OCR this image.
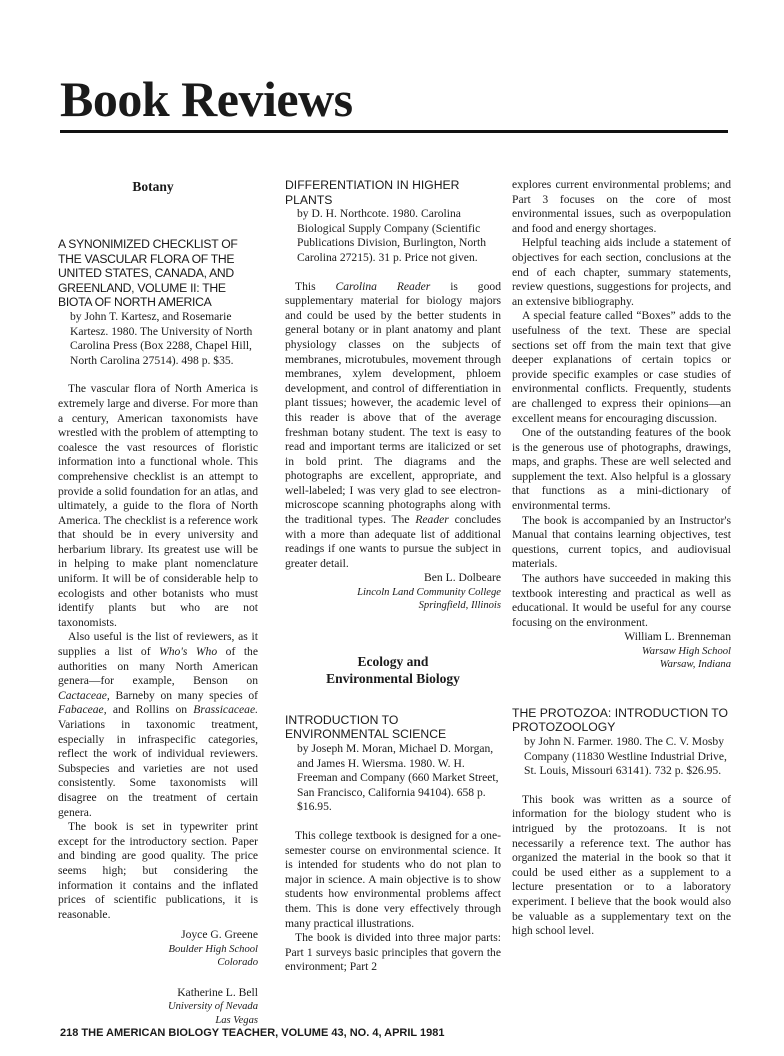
Book Reviews

Botany

A SYNONIMIZED CHECKLIST OF THE VASCULAR FLORA OF THE UNITED STATES, CANADA, AND GREENLAND, VOLUME II: THE BIOTA OF NORTH AMERICA

by John T. Kartesz, and Rosemarie Kartesz. 1980. The University of North Carolina Press (Box 2288, Chapel Hill, North Carolina 27514). 498 p. $35.

The vascular flora of North America is extremely large and diverse. For more than a century, American taxonomists have wrestled with the problem of attempting to coalesce the vast resources of floristic information into a functional whole. This comprehensive checklist is an attempt to provide a solid foundation for an atlas, and ultimately, a guide to the flora of North America. The checklist is a reference work that should be in every university and herbarium library. Its greatest use will be in helping to make plant nomenclature uniform. It will be of considerable help to ecologists and other botanists who must identify plants but who are not taxonomists.

Also useful is the list of reviewers, as it supplies a list of Who's Who of the authorities on many North American genera—for example, Benson on Cactaceae, Barneby on many species of Fabaceae, and Rollins on Brassicaceae. Variations in taxonomic treatment, especially in infraspecific categories, reflect the work of individual reviewers. Subspecies and varieties are not used consistently. Some taxonomists will disagree on the treatment of certain genera.

The book is set in typewriter print except for the introductory section. Paper and binding are good quality. The price seems high; but considering the information it contains and the inflated prices of scientific publications, it is reasonable.

Joyce G. Greene

Boulder High School

Colorado

Katherine L. Bell

University of Nevada

Las Vegas

DIFFERENTIATION IN HIGHER PLANTS

by D. H. Northcote. 1980. Carolina Biological Supply Company (Scientific Publications Division, Burlington, North Carolina 27215). 31 p. Price not given.

This Carolina Reader is good supplementary material for biology majors and could be used by the better students in general botany or in plant anatomy and plant physiology classes on the subjects of membranes, microtubules, movement through membranes, xylem development, phloem development, and control of differentiation in plant tissues; however, the academic level of this reader is above that of the average freshman botany student. The text is easy to read and important terms are italicized or set in bold print. The diagrams and the photographs are excellent, appropriate, and well-labeled; I was very glad to see electron-microscope scanning photographs along with the traditional types. The Reader concludes with a more than adequate list of additional readings if one wants to pursue the subject in greater detail.

Ben L. Dolbeare

Lincoln Land Community College

Springfield, Illinois

Ecology and

Environmental Biology

INTRODUCTION TO ENVIRONMENTAL SCIENCE

by Joseph M. Moran, Michael D. Morgan, and James H. Wiersma. 1980. W. H. Freeman and Company (660 Market Street, San Francisco, California 94104). 658 p. $16.95.

This college textbook is designed for a one-semester course on environmental science. It is intended for students who do not plan to major in science. A main objective is to show students how environmental problems affect them. This is done very effectively through many practical illustrations.

The book is divided into three major parts: Part 1 surveys basic principles that govern the environment; Part 2

explores current environmental problems; and Part 3 focuses on the core of most environmental issues, such as overpopulation and food and energy shortages.

Helpful teaching aids include a statement of objectives for each section, conclusions at the end of each chapter, summary statements, review questions, suggestions for projects, and an extensive bibliography.

A special feature called “Boxes” adds to the usefulness of the text. These are special sections set off from the main text that give deeper explanations of certain topics or provide specific examples or case studies of environmental conflicts. Frequently, students are challenged to express their opinions—an excellent means for encouraging discussion.

One of the outstanding features of the book is the generous use of photographs, drawings, maps, and graphs. These are well selected and supplement the text. Also helpful is a glossary that functions as a mini-dictionary of environmental terms.

The book is accompanied by an Instructor's Manual that contains learning objectives, test questions, current topics, and audiovisual materials.

The authors have succeeded in making this textbook interesting and practical as well as educational. It would be useful for any course focusing on the environment.

William L. Brenneman

Warsaw High School

Warsaw, Indiana

THE PROTOZOA: INTRODUCTION TO PROTOZOOLOGY

by John N. Farmer. 1980. The C. V. Mosby Company (11830 Westline Industrial Drive, St. Louis, Missouri 63141). 732 p. $26.95.

This book was written as a source of information for the biology student who is intrigued by the protozoans. It is not necessarily a reference text. The author has organized the material in the book so that it could be used either as a supplement to a lecture presentation or to a laboratory experiment. I believe that the book would also be valuable as a supplementary text on the high school level.

218 THE AMERICAN BIOLOGY TEACHER, VOLUME 43, NO. 4, APRIL 1981
